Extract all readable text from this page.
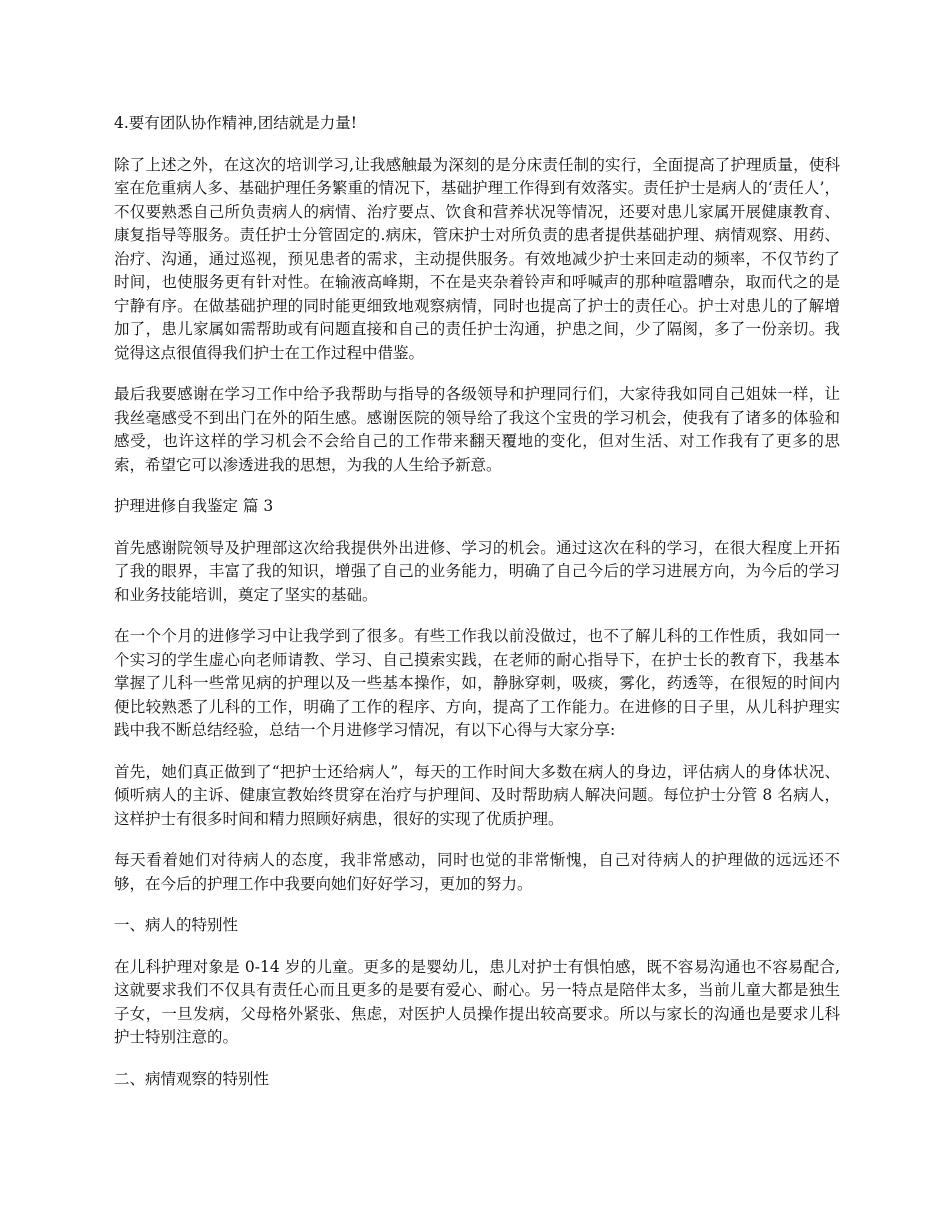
4.要有团队协作精神,团结就是力量!

除了上述之外，在这次的培训学习,让我感触最为深刻的是分床责任制的实行，全面提高了护理质量，使科室在危重病人多、基础护理任务繁重的情况下，基础护理工作得到有效落实。责任护士是病人的‘责任人’，不仅要熟悉自己所负责病人的病情、治疗要点、饮食和营养状况等情况，还要对患儿家属开展健康教育、康复指导等服务。责任护士分管固定的.病床，管床护士对所负责的患者提供基础护理、病情观察、用药、治疗、沟通，通过巡视，预见患者的需求，主动提供服务。有效地减少护士来回走动的频率，不仅节约了时间，也使服务更有针对性。在输液高峰期，不在是夹杂着铃声和呼喊声的那种喧嚣嘈杂，取而代之的是宁静有序。在做基础护理的同时能更细致地观察病情，同时也提高了护士的责任心。护士对患儿的了解增加了，患儿家属如需帮助或有问题直接和自己的责任护士沟通，护患之间，少了隔阂，多了一份亲切。我觉得这点很值得我们护士在工作过程中借鉴。

最后我要感谢在学习工作中给予我帮助与指导的各级领导和护理同行们，大家待我如同自己姐妹一样，让我丝毫感受不到出门在外的陌生感。感谢医院的领导给了我这个宝贵的学习机会，使我有了诸多的体验和感受，也许这样的学习机会不会给自己的工作带来翻天覆地的变化，但对生活、对工作我有了更多的思索，希望它可以渗透进我的思想，为我的人生给予新意。

护理进修自我鉴定 篇 3

首先感谢院领导及护理部这次给我提供外出进修、学习的机会。通过这次在科的学习，在很大程度上开拓了我的眼界，丰富了我的知识，增强了自己的业务能力，明确了自己今后的学习进展方向，为今后的学习和业务技能培训，奠定了坚实的基础。

在一个个月的进修学习中让我学到了很多。有些工作我以前没做过，也不了解儿科的工作性质，我如同一个实习的学生虚心向老师请教、学习、自己摸索实践，在老师的耐心指导下，在护士长的教育下，我基本掌握了儿科一些常见病的护理以及一些基本操作，如，静脉穿刺，吸痰，雾化，药透等，在很短的时间内便比较熟悉了儿科的工作，明确了工作的程序、方向，提高了工作能力。在进修的日子里，从儿科护理实践中我不断总结经验，总结一个月进修学习情况，有以下心得与大家分享:

首先，她们真正做到了“把护士还给病人”，每天的工作时间大多数在病人的身边，评估病人的身体状况、倾听病人的主诉、健康宣教始终贯穿在治疗与护理间、及时帮助病人解决问题。每位护士分管 8 名病人，这样护士有很多时间和精力照顾好病患，很好的实现了优质护理。

每天看着她们对待病人的态度，我非常感动，同时也觉的非常惭愧，自己对待病人的护理做的远远还不够，在今后的护理工作中我要向她们好好学习，更加的努力。

一、病人的特别性

在儿科护理对象是 0-14 岁的儿童。更多的是婴幼儿，患儿对护士有惧怕感，既不容易沟通也不容易配合,这就要求我们不仅具有责任心而且更多的是要有爱心、耐心。另一特点是陪伴太多，当前儿童大都是独生子女，一旦发病，父母格外紧张、焦虑，对医护人员操作提出较高要求。所以与家长的沟通也是要求儿科护士特别注意的。

二、病情观察的特别性
